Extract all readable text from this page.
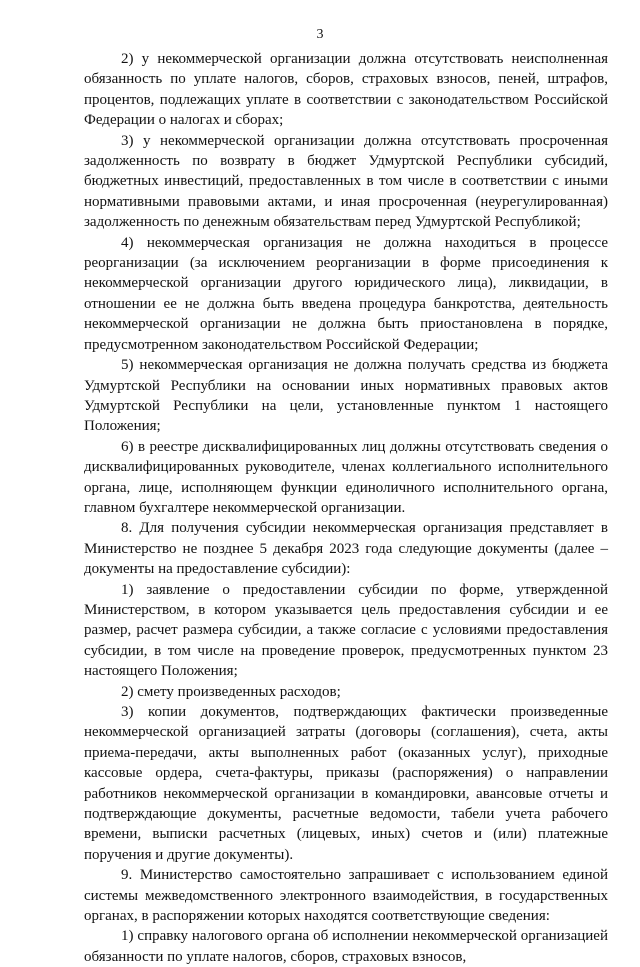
3

2) у некоммерческой организации должна отсутствовать неисполненная обязанность по уплате налогов, сборов, страховых взносов, пеней, штрафов, процентов, подлежащих уплате в соответствии с законодательством Российской Федерации о налогах и сборах;

3) у некоммерческой организации должна отсутствовать просроченная задолженность по возврату в бюджет Удмуртской Республики субсидий, бюджетных инвестиций, предоставленных в том числе в соответствии с иными нормативными правовыми актами, и иная просроченная (неурегулированная) задолженность по денежным обязательствам перед Удмуртской Республикой;

4) некоммерческая организация не должна находиться в процессе реорганизации (за исключением реорганизации в форме присоединения к некоммерческой организации другого юридического лица), ликвидации, в отношении ее не должна быть введена процедура банкротства, деятельность некоммерческой организации не должна быть приостановлена в порядке, предусмотренном законодательством Российской Федерации;

5) некоммерческая организация не должна получать средства из бюджета Удмуртской Республики на основании иных нормативных правовых актов Удмуртской Республики на цели, установленные пунктом 1 настоящего Положения;

6) в реестре дисквалифицированных лиц должны отсутствовать сведения о дисквалифицированных руководителе, членах коллегиального исполнительного органа, лице, исполняющем функции единоличного исполнительного органа, главном бухгалтере некоммерческой организации.

8. Для получения субсидии некоммерческая организация представляет в Министерство не позднее 5 декабря 2023 года следующие документы (далее – документы на предоставление субсидии):

1) заявление о предоставлении субсидии по форме, утвержденной Министерством, в котором указывается цель предоставления субсидии и ее размер, расчет размера субсидии, а также согласие с условиями предоставления субсидии, в том числе на проведение проверок, предусмотренных пунктом 23 настоящего Положения;

2) смету произведенных расходов;

3) копии документов, подтверждающих фактически произведенные некоммерческой организацией затраты (договоры (соглашения), счета, акты приема-передачи, акты выполненных работ (оказанных услуг), приходные кассовые ордера, счета-фактуры, приказы (распоряжения) о направлении работников некоммерческой организации в командировки, авансовые отчеты и подтверждающие документы, расчетные ведомости, табели учета рабочего времени, выписки расчетных (лицевых, иных) счетов и (или) платежные поручения и другие документы).

9. Министерство самостоятельно запрашивает с использованием единой системы межведомственного электронного взаимодействия, в государственных органах, в распоряжении которых находятся соответствующие сведения:

1) справку налогового органа об исполнении некоммерческой организацией обязанности по уплате налогов, сборов, страховых взносов,
